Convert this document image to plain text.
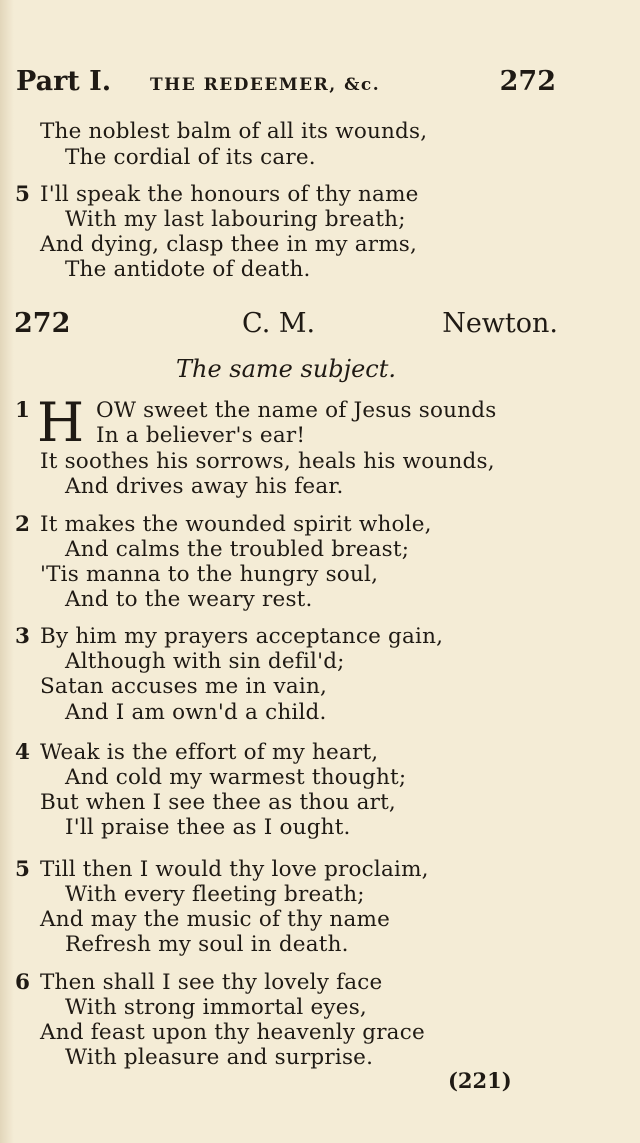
Part I. THE REDEEMER, &c.	272
The noblest balm of all its wounds,
The cordial of its care.
5 I'll speak the honours of thy name
With my last labouring breath;
And dying, clasp thee in my arms,
The antidote of death.
272	C. M.	Newton.
The same subject.
1 H OW sweet the name of Jesus sounds
In a believer's ear!
It soothes his sorrows, heals his wounds,
And drives away his fear.
2 It makes the wounded spirit whole,
And calms the troubled breast;
'Tis manna to the hungry soul,
And to the weary rest.
3 By him my prayers acceptance gain,
Although with sin defil'd;
Satan accuses me in vain,
And I am own'd a child.
4 Weak is the effort of my heart,
And cold my warmest thought;
But when I see thee as thou art,
I'll praise thee as I ought.
5 Till then I would thy love proclaim,
With every fleeting breath;
And may the music of thy name
Refresh my soul in death.
6 Then shall I see thy lovely face
With strong immortal eyes,
And feast upon thy heavenly grace
With pleasure and surprise.
(221)
